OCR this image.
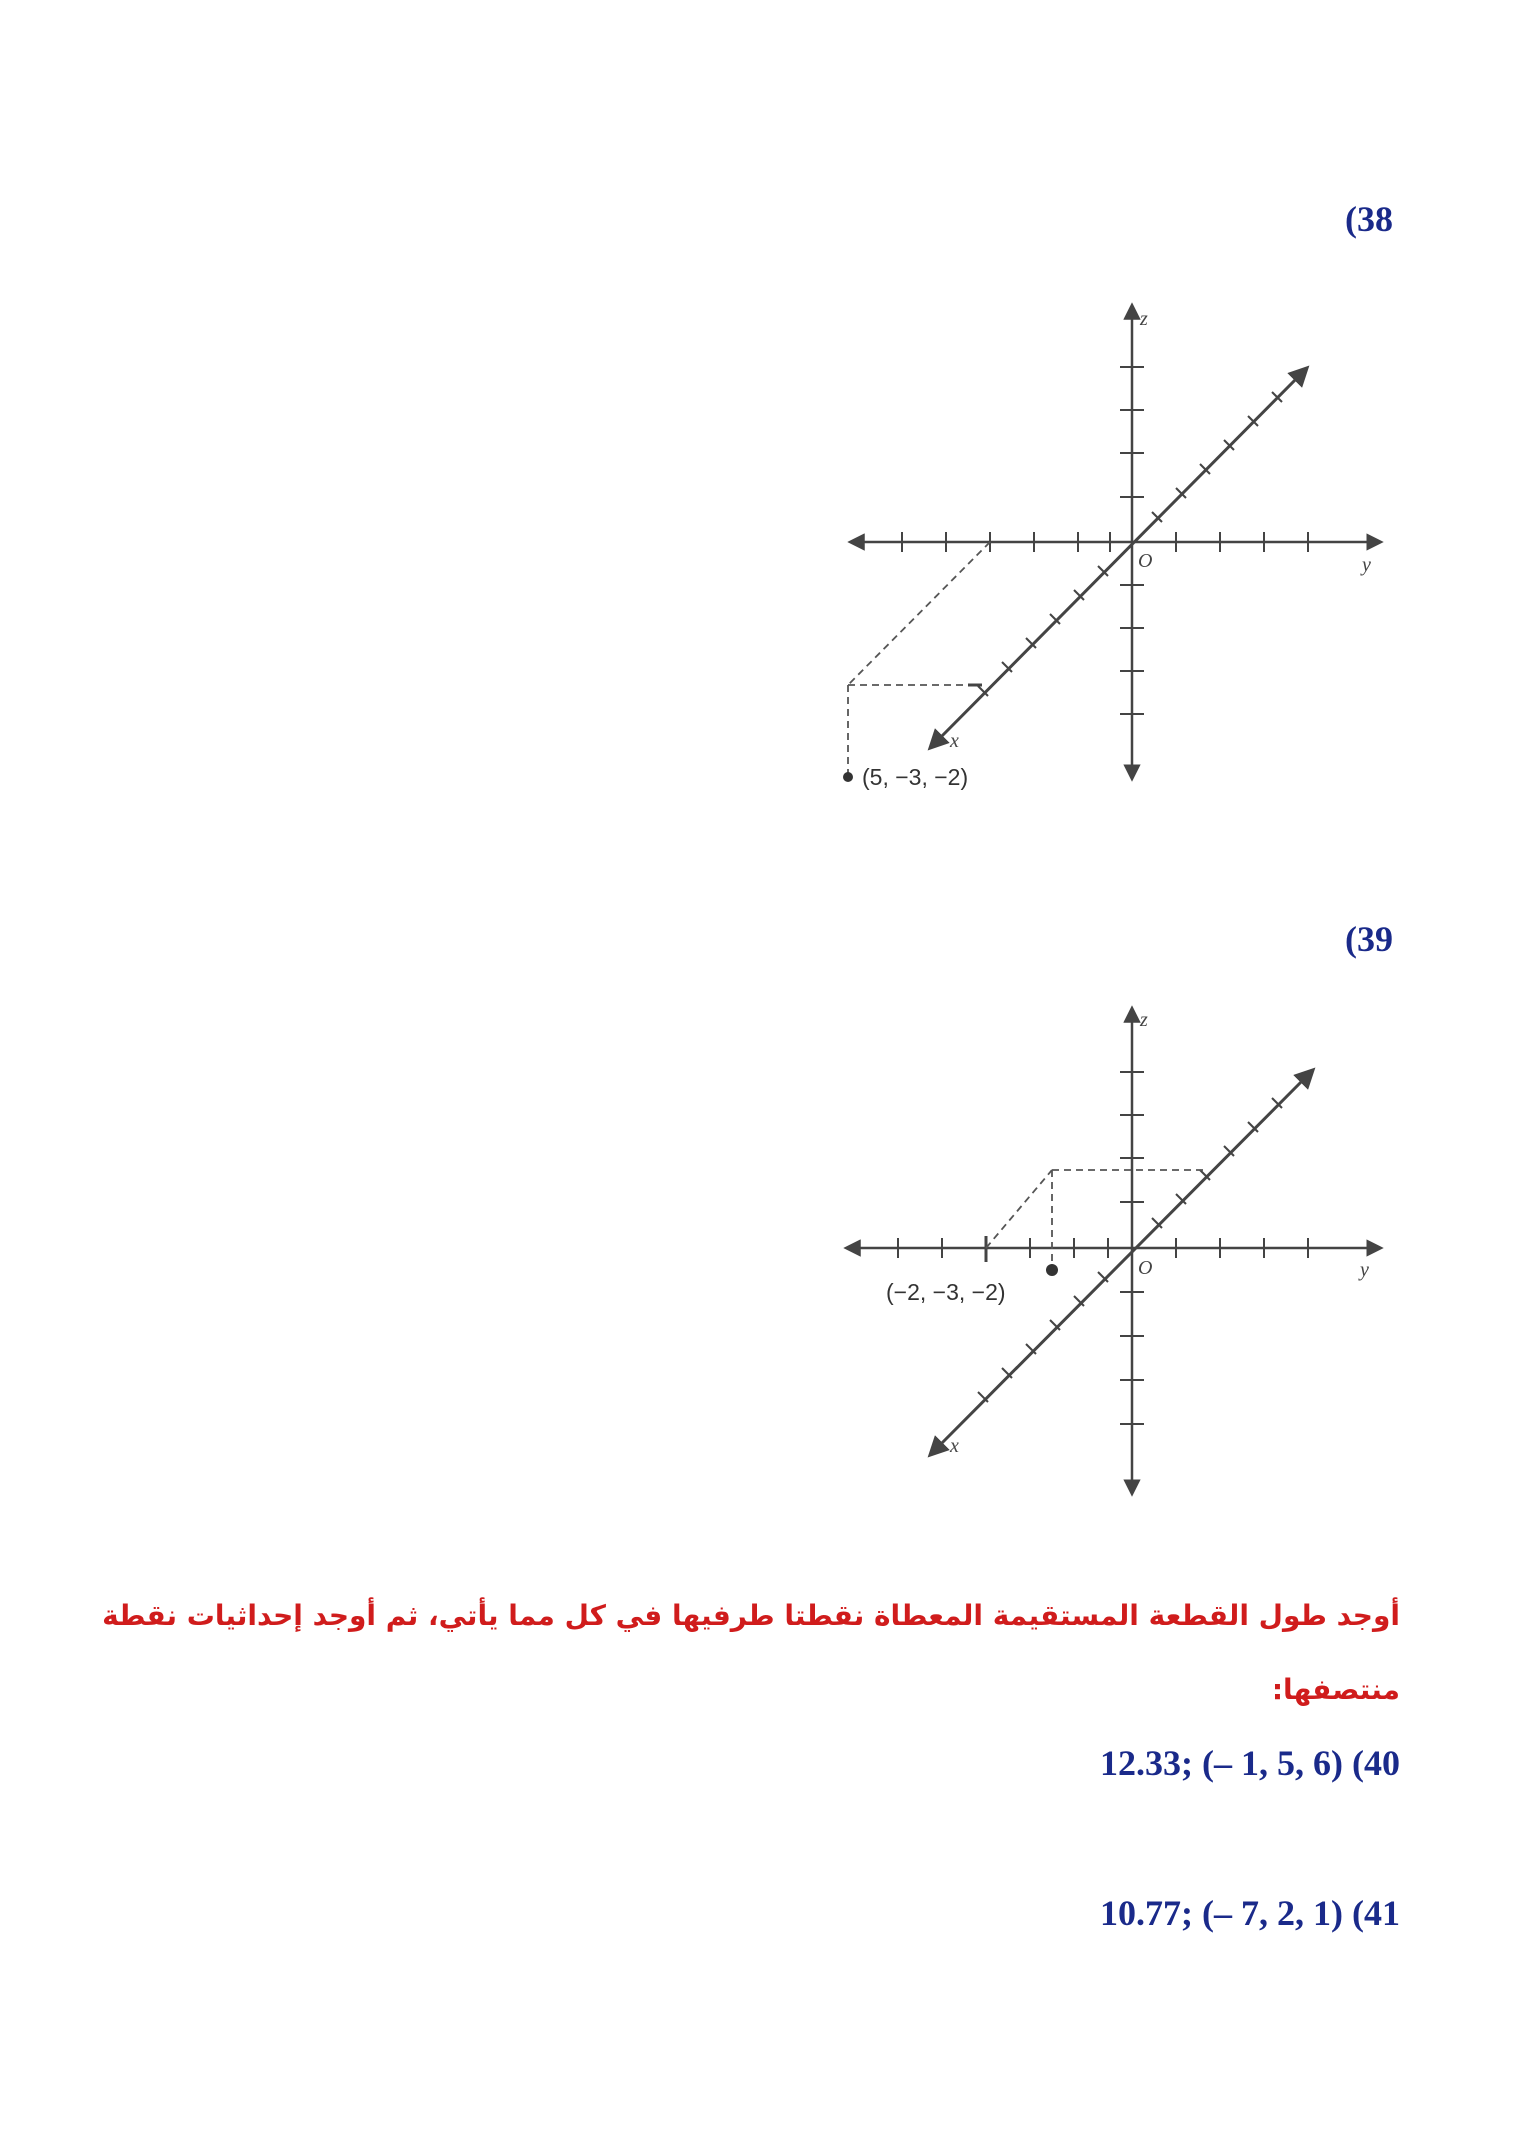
(38
(5, −3, −2)
z
y
x
O
(39
(−2, −3, −2)
z
y
x
O
أوجد طول القطعة المستقيمة المعطاة نقطتا طرفيها في كل مما يأتي، ثم أوجد إحداثيات نقطة
منتصفها:
12.33; (– 1, 5, 6) (40
10.77; (– 7, 2, 1) (41
